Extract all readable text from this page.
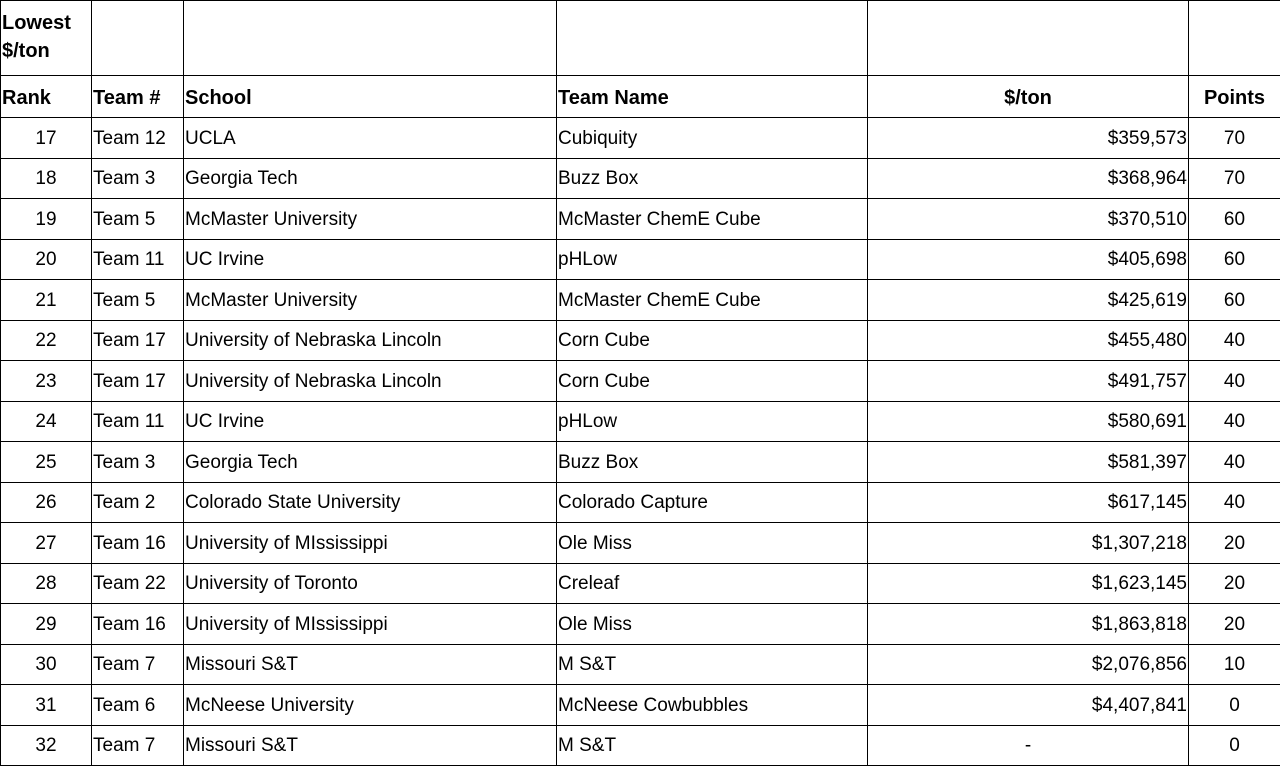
Lowest
$/ton					
Rank	Team #	School	Team Name	$/ton	Points
17	Team 12	UCLA	Cubiquity	$359,573	70
18	Team 3	Georgia Tech	Buzz Box	$368,964	70
19	Team 5	McMaster University	McMaster ChemE Cube	$370,510	60
20	Team 11	UC Irvine	pHLow	$405,698	60
21	Team 5	McMaster University	McMaster ChemE Cube	$425,619	60
22	Team 17	University of Nebraska Lincoln	Corn Cube	$455,480	40
23	Team 17	University of Nebraska Lincoln	Corn Cube	$491,757	40
24	Team 11	UC Irvine	pHLow	$580,691	40
25	Team 3	Georgia Tech	Buzz Box	$581,397	40
26	Team 2	Colorado State University	Colorado Capture	$617,145	40
27	Team 16	University of MIssissippi	Ole Miss	$1,307,218	20
28	Team 22	University of Toronto	Creleaf	$1,623,145	20
29	Team 16	University of MIssissippi	Ole Miss	$1,863,818	20
30	Team 7	Missouri S&T	M S&T	$2,076,856	10
31	Team 6	McNeese University	McNeese Cowbubbles	$4,407,841	0
32	Team 7	Missouri S&T	M S&T	-	0
